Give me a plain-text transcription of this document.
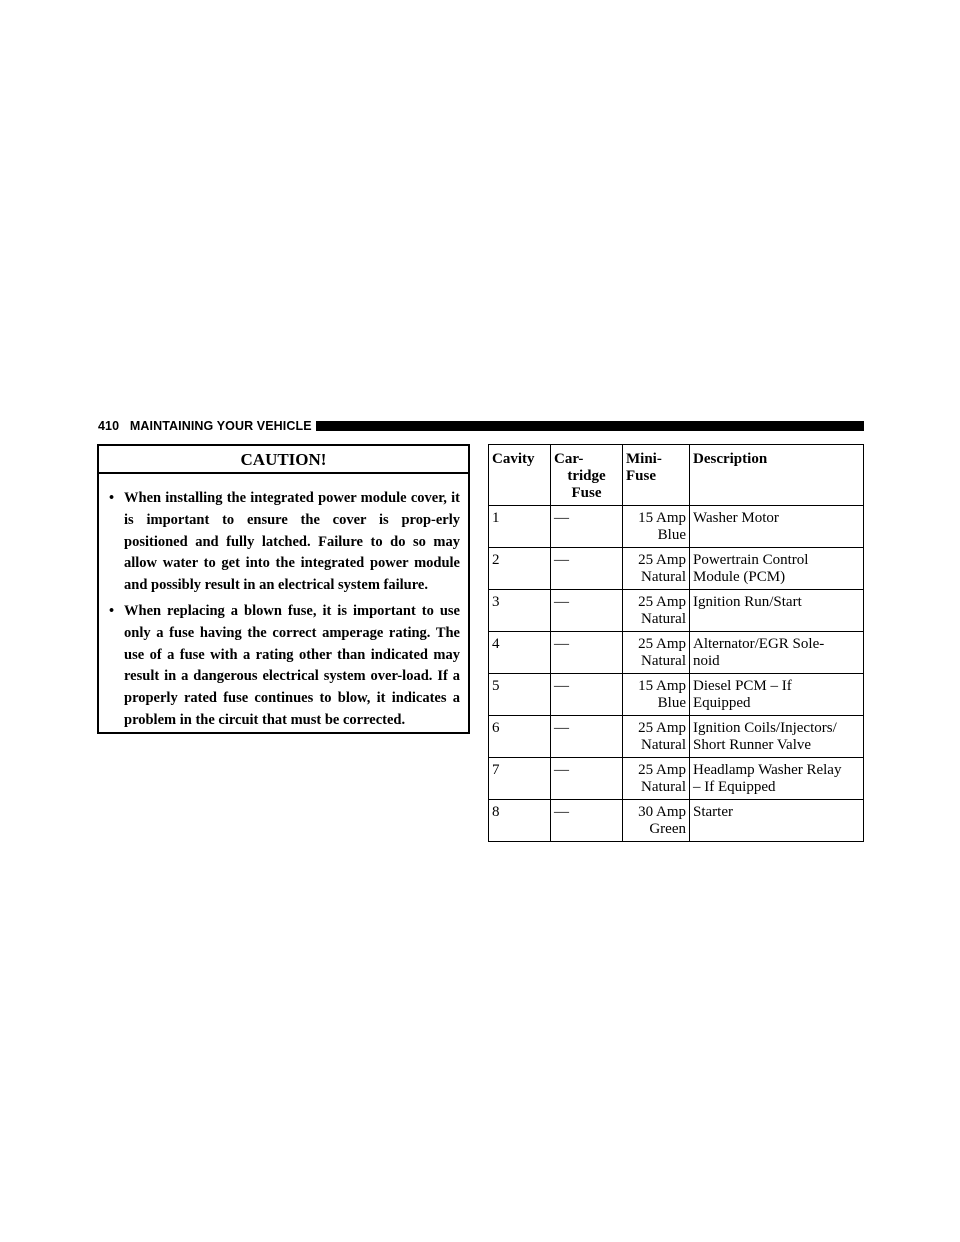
410 MAINTAINING YOUR VEHICLE
CAUTION!
• When installing the integrated power module cover, it is important to ensure the cover is prop-erly positioned and fully latched. Failure to do so may allow water to get into the integrated power module and possibly result in an electrical system failure.
• When replacing a blown fuse, it is important to use only a fuse having the correct amperage rating. The use of a fuse with a rating other than indicated may result in a dangerous electrical system over-load. If a properly rated fuse continues to blow, it indicates a problem in the circuit that must be corrected.
Cavity	Car-
tridge
Fuse	Mini-
Fuse	Description
1	—	15 Amp
Blue	Washer Motor

2	—	25 Amp
Natural	Powertrain Control
Module (PCM)

3	—	25 Amp
Natural	Ignition Run/Start

4	—	25 Amp
Natural	Alternator/EGR Sole-
noid

5	—	15 Amp
Blue	Diesel PCM – If
Equipped

6	—	25 Amp
Natural	Ignition Coils/Injectors/
Short Runner Valve

7	—	25 Amp
Natural	Headlamp Washer Relay
– If Equipped

8	—	30 Amp
Green	Starter
